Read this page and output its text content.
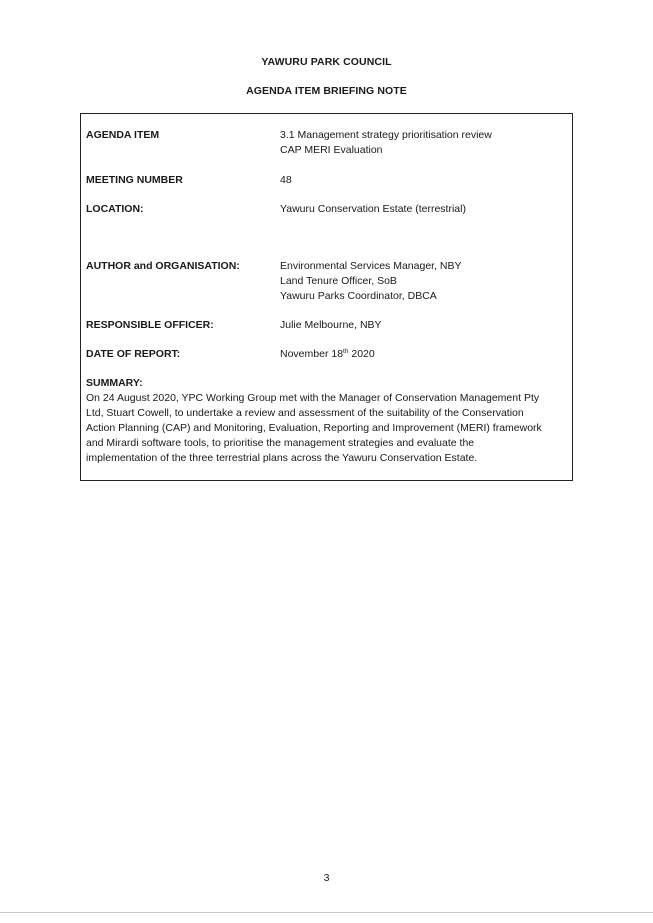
YAWURU PARK COUNCIL
AGENDA ITEM BRIEFING NOTE
AGENDA ITEM	3.1 Management strategy prioritisation review
CAP MERI Evaluation
MEETING NUMBER	48
LOCATION:	Yawuru Conservation Estate (terrestrial)
AUTHOR and ORGANISATION:	Environmental Services Manager, NBY
Land Tenure Officer, SoB
Yawuru Parks Coordinator, DBCA
RESPONSIBLE OFFICER:	Julie Melbourne, NBY
DATE OF REPORT:	November 18th 2020
SUMMARY:
On 24 August 2020, YPC Working Group met with the Manager of Conservation Management Pty
Ltd, Stuart Cowell, to undertake a review and assessment of the suitability of the Conservation
Action Planning (CAP) and Monitoring, Evaluation, Reporting and Improvement (MERI) framework
and Mirardi software tools, to prioritise the management strategies and evaluate the
implementation of the three terrestrial plans across the Yawuru Conservation Estate.
3
